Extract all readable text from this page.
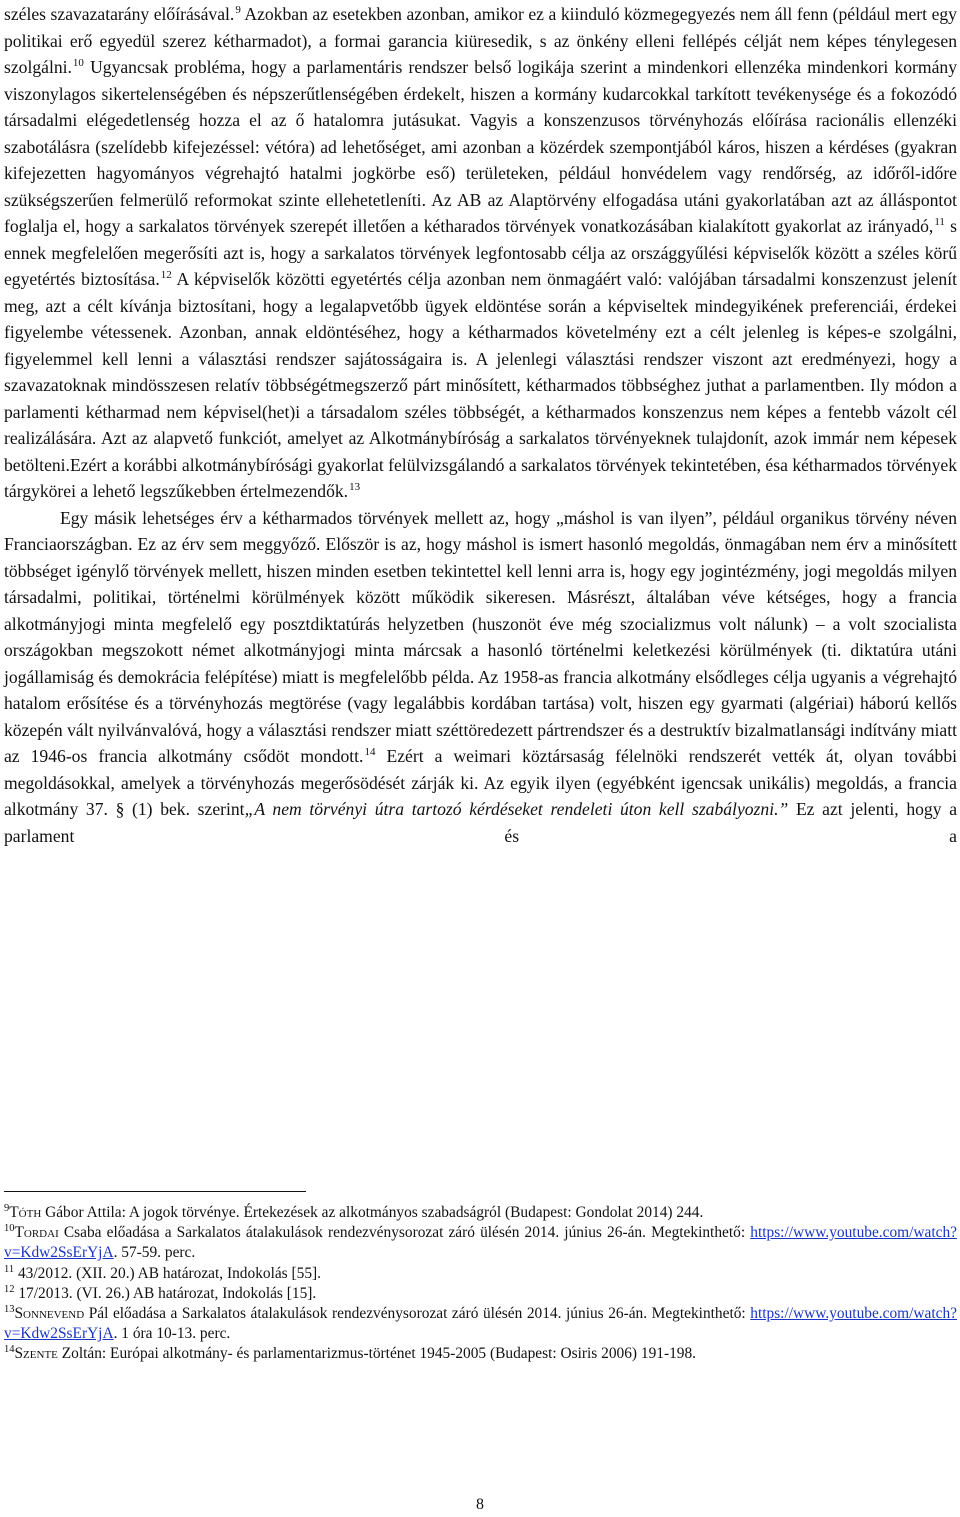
széles szavazatarány előírásával.$^9$ Azokban az esetekben azonban, amikor ez a kiinduló közmegegyezés nem áll fenn (például mert egy politikai erő egyedül szerez kétharmadot), a formai garancia kiüresedik, s az önkény elleni fellépés célját nem képes ténylegesen szolgálni.$^{10}$ Ugyancsak probléma, hogy a parlamentáris rendszer belső logikája szerint a mindenkori ellenzéka mindenkori kormány viszonylagos sikertelenségében és népszerűtlenségében érdekelt, hiszen a kormány kudarcokkal tarkított tevékenysége és a fokozódó társadalmi elégedetlenség hozza el az ő hatalomra jutásukat. Vagyis a konszenzusos törvényhozás előírása racionális ellenzéki szabotálásra (szelídebb kifejezéssel: vétóra) ad lehetőséget, ami azonban a közérdek szempontjából káros, hiszen a kérdéses (gyakran kifejezetten hagyományos végrehajtó hatalmi jogkörbe eső) területeken, például honvédelem vagy rendőrség, az időről-időre szükségszerűen felmerülő reformokat szinte ellehetetleníti. Az AB az Alaptörvény elfogadása utáni gyakorlatában azt az álláspontot foglalja el, hogy a sarkalatos törvények szerepét illetően a kétharados törvények vonatkozásában kialakított gyakorlat az irányadó,$^{11}$ s ennek megfelelően megerősíti azt is, hogy a sarkalatos törvények legfontosabb célja az országgyűlési képviselők között a széles körű egyetértés biztosítása.$^{12}$ A képviselők közötti egyetértés célja azonban nem önmagáért való: valójában társadalmi konszenzust jelenít meg, azt a célt kívánja biztosítani, hogy a legalapvetőbb ügyek eldöntése során a képviseltek mindegyikének preferenciái, érdekei figyelembe vétessenek. Azonban, annak eldöntéséhez, hogy a kétharmados követelmény ezt a célt jelenleg is képes-e szolgálni, figyelemmel kell lenni a választási rendszer sajátosságaira is. A jelenlegi választási rendszer viszont azt eredményezi, hogy a szavazatoknak mindösszesen relatív többségétmegszerző párt minősített, kétharmados többséghez juthat a parlamentben. Ily módon a parlamenti kétharmad nem képvisel(het)i a társadalom széles többségét, a kétharmados konszenzus nem képes a fentebb vázolt cél realizálására. Azt az alapvető funkciót, amelyet az Alkotmánybíróság a sarkalatos törvényeknek tulajdonít, azok immár nem képesek betölteni.Ezért a korábbi alkotmánybírósági gyakorlat felülvizsgálandó a sarkalatos törvények tekintetében, ésa kétharmados törvények tárgykörei a lehető legszűkebben értelmezendők.$^{13}$

Egy másik lehetséges érv a kétharmados törvények mellett az, hogy „máshol is van ilyen”, például organikus törvény néven Franciaországban. Ez az érv sem meggyőző. Először is az, hogy máshol is ismert hasonló megoldás, önmagában nem érv a minősített többséget igénylő törvények mellett, hiszen minden esetben tekintettel kell lenni arra is, hogy egy jogintézmény, jogi megoldás milyen társadalmi, politikai, történelmi körülmények között működik sikeresen. Másrészt, általában véve kétséges, hogy a francia alkotmányjogi minta megfelelő egy posztdiktatúrás helyzetben (huszonöt éve még szocializmus volt nálunk) – a volt szocialista országokban megszokott német alkotmányjogi minta márcsak a hasonló történelmi keletkezési körülmények (ti. diktatúra utáni jogállamiság és demokrácia felépítése) miatt is megfelelőbb példa. Az 1958-as francia alkotmány elsődleges célja ugyanis a végrehajtó hatalom erősítése és a törvényhozás megtörése (vagy legalábbis kordában tartása) volt, hiszen egy gyarmati (algériai) háború kellős közepén vált nyilvánvalóvá, hogy a választási rendszer miatt széttöredezett pártrendszer és a destruktív bizalmatlansági indítvány miatt az 1946-os francia alkotmány csődöt mondott.$^{14}$ Ezért a weimari köztársaság félelnöki rendszerét vették át, olyan további megoldásokkal, amelyek a törvényhozás megerősödését zárják ki. Az egyik ilyen (egyébként igencsak unikális) megoldás, a francia alkotmány 37. § (1) bek. szerint„A nem törvényi útra tartozó kérdéseket rendeleti úton kell szabályozni.” Ez azt jelenti, hogy a parlament és a

$^9$Tóth Gábor Attila: A jogok törvénye. Értekezések az alkotmányos szabadságról (Budapest: Gondolat 2014) 244.

$^{10}$Tordai Csaba előadása a Sarkalatos átalakulások rendezvénysorozat záró ülésén 2014. június 26-án. Megtekinthető: https://www.youtube.com/watch?v=Kdw2SsErYjA. 57-59. perc.

$^{11}$ 43/2012. (XII. 20.) AB határozat, Indokolás [55].

$^{12}$ 17/2013. (VI. 26.) AB határozat, Indokolás [15].

$^{13}$Sonnevend Pál előadása a Sarkalatos átalakulások rendezvénysorozat záró ülésén 2014. június 26-án. Megtekinthető: https://www.youtube.com/watch?v=Kdw2SsErYjA. 1 óra 10-13. perc.

$^{14}$Szente Zoltán: Európai alkotmány- és parlamentarizmus-történet 1945-2005 (Budapest: Osiris 2006) 191-198.

8
